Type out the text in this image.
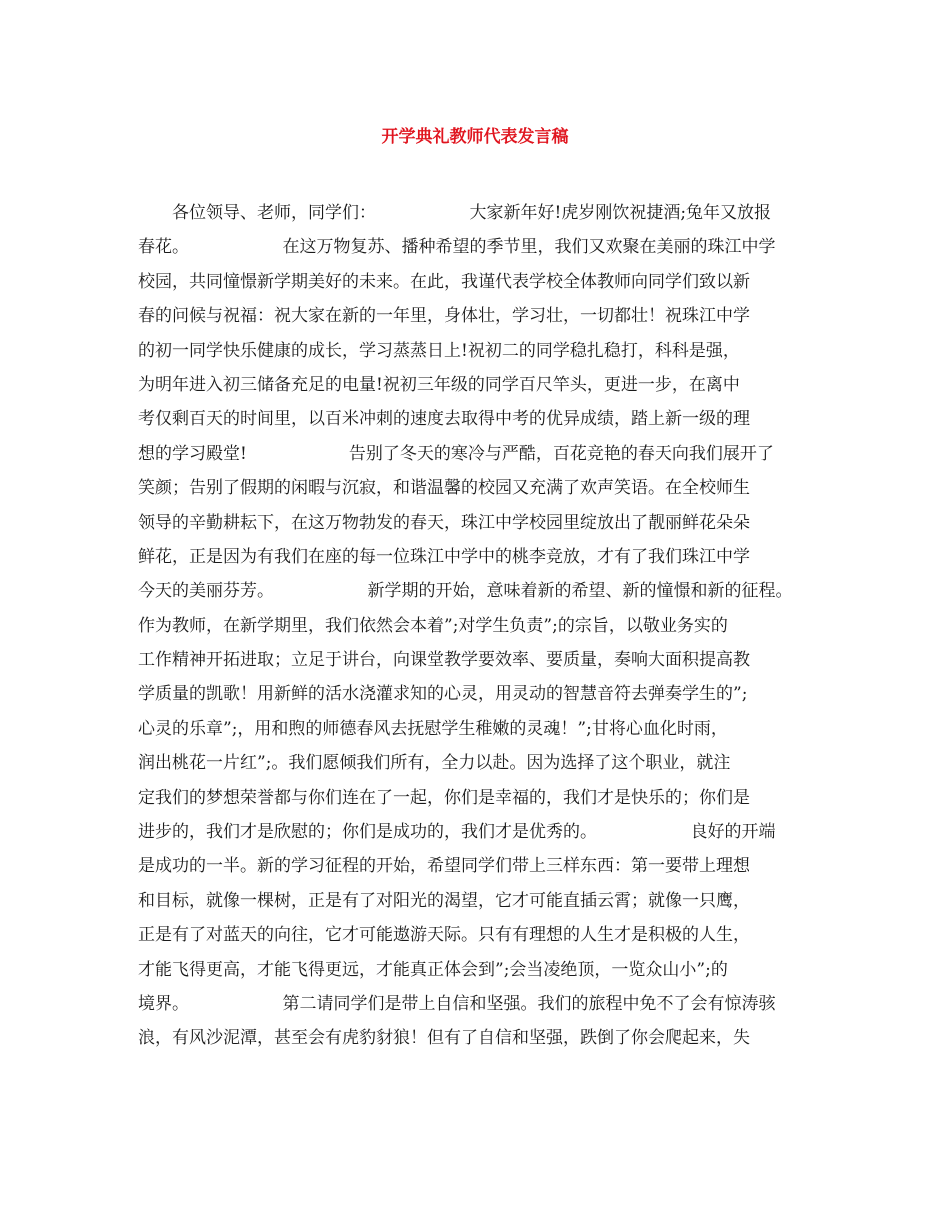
开学典礼教师代表发言稿
　　各位领导、老师，同学们：　　　　　　大家新年好!虎岁刚饮祝捷酒;兔年又放报
春花。　　　　　　在这万物复苏、播种希望的季节里，我们又欢聚在美丽的珠江中学
校园，共同憧憬新学期美好的未来。在此，我谨代表学校全体教师向同学们致以新
春的问候与祝福：祝大家在新的一年里，身体壮，学习壮，一切都壮！祝珠江中学
的初一同学快乐健康的成长，学习蒸蒸日上!祝初二的同学稳扎稳打，科科是强，
为明年进入初三储备充足的电量!祝初三年级的同学百尺竿头，更进一步，在离中
考仅剩百天的时间里，以百米冲刺的速度去取得中考的优异成绩，踏上新一级的理
想的学习殿堂!　　　　　　告别了冬天的寒冷与严酷，百花竞艳的春天向我们展开了
笑颜；告别了假期的闲暇与沉寂，和谐温馨的校园又充满了欢声笑语。在全校师生
领导的辛勤耕耘下，在这万物勃发的春天，珠江中学校园里绽放出了靓丽鲜花朵朵
鲜花，正是因为有我们在座的每一位珠江中学中的桃李竞放，才有了我们珠江中学
今天的美丽芬芳。　　　　　　新学期的开始，意味着新的希望、新的憧憬和新的征程。
作为教师，在新学期里，我们依然会本着”;对学生负责”;的宗旨，以敬业务实的
工作精神开拓进取；立足于讲台，向课堂教学要效率、要质量，奏响大面积提高教
学质量的凯歌！用新鲜的活水浇灌求知的心灵，用灵动的智慧音符去弹奏学生的”;
心灵的乐章”;，用和煦的师德春风去抚慰学生稚嫩的灵魂！”;甘将心血化时雨，
润出桃花一片红”;。我们愿倾我们所有，全力以赴。因为选择了这个职业，就注
定我们的梦想荣誉都与你们连在了一起，你们是幸福的，我们才是快乐的；你们是
进步的，我们才是欣慰的；你们是成功的，我们才是优秀的。　　　　　　良好的开端
是成功的一半。新的学习征程的开始，希望同学们带上三样东西：第一要带上理想
和目标，就像一棵树，正是有了对阳光的渴望，它才可能直插云霄；就像一只鹰，
正是有了对蓝天的向往，它才可能遨游天际。只有有理想的人生才是积极的人生，
才能飞得更高，才能飞得更远，才能真正体会到”;会当凌绝顶，一览众山小”;的
境界。　　　　　　第二请同学们是带上自信和坚强。我们的旅程中免不了会有惊涛骇
浪，有风沙泥潭，甚至会有虎豹豺狼！但有了自信和坚强，跌倒了你会爬起来，失
